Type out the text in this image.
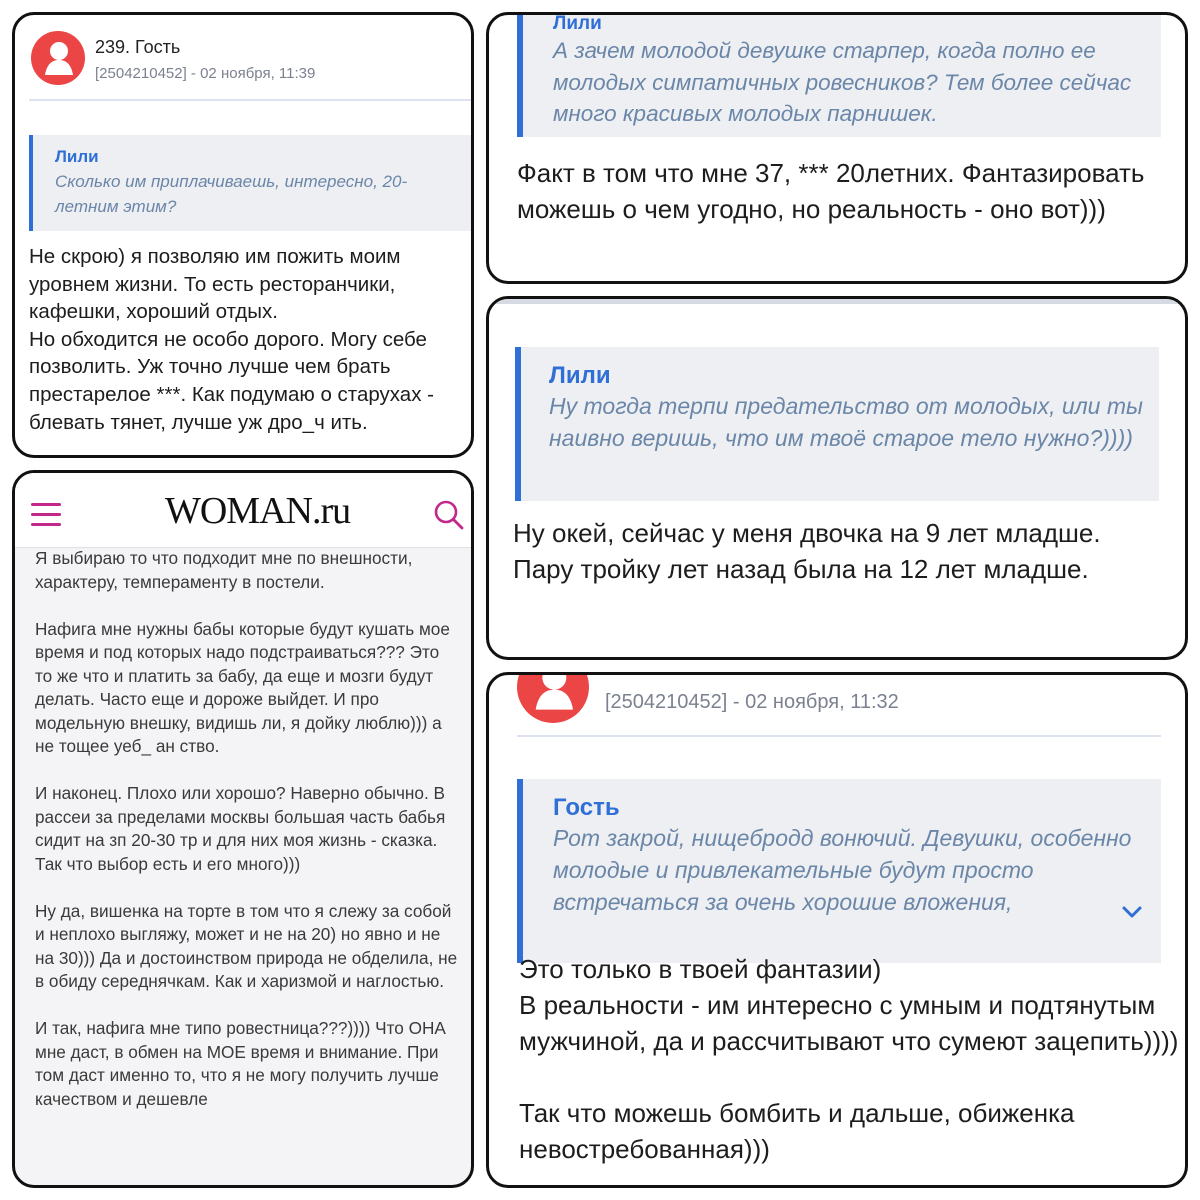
239. Гость
[2504210452] - 02 ноября, 11:39
Лили
Сколько им приплачиваешь, интересно, 20-летним этим?
Не скрою) я позволяю им пожить моим уровнем жизни. То есть ресторанчики, кафешки, хороший отдых.
Но обходится не особо дорого. Могу себе позволить. Уж точно лучше чем брать престарелое ***. Как подумаю о старухах - блевать тянет, лучше уж дро_ч ить.
Лили
А зачем молодой девушке старпер, когда полно ее молодых симпатичных ровесников? Тем более сейчас много красивых молодых парнишек.
Факт в том что мне 37, *** 20летних. Фантазировать можешь о чем угодно, но реальность - оно вот)))
Лили
Ну тогда терпи предательство от молодых, или ты наивно веришь, что им твоё старое тело нужно?))))
Ну окей, сейчас у меня двочка на 9 лет младше. Пару тройку лет назад была на 12 лет младше.
WOMAN.ru
Я выбираю то что подходит мне по внешности, характеру, темпераменту в постели.

Нафига мне нужны бабы которые будут кушать мое время и под которых надо подстраиваться??? Это то же что и платить за бабу, да еще и мозги будут делать. Часто еще и дороже выйдет. И про модельную внешку, видишь ли, я дойку люблю))) а не тощее уеб_ ан ство.

И наконец. Плохо или хорошо? Наверно обычно. В рассеи за пределами москвы большая часть бабья сидит на зп 20-30 тр и для них моя жизнь - сказка. Так что выбор есть и его много)))

Ну да, вишенка на торте в том что я слежу за собой и неплохо выгляжу, может и не на 20) но явно и не на 30))) Да и достоинством природа не обделила, не в обиду середнячкам. Как и харизмой и наглостью.

И так, нафига мне типо ровестница???)))) Что ОНА мне даст, в обмен на МОЕ время и внимание. При том даст именно то, что я не могу получить лучше качеством и дешевле
[2504210452] - 02 ноября, 11:32
Гость
Рот закрой, нищебродд вонючий. Девушки, особенно молодые и привлекательные будут просто встречаться за очень хорошие вложения,
Это только в твоей фантазии)
В реальности - им интересно с умным и подтянутым мужчиной, да и рассчитывают что сумеют зацепить))))

Так что можешь бомбить и дальше, обиженка невостребованная)))
